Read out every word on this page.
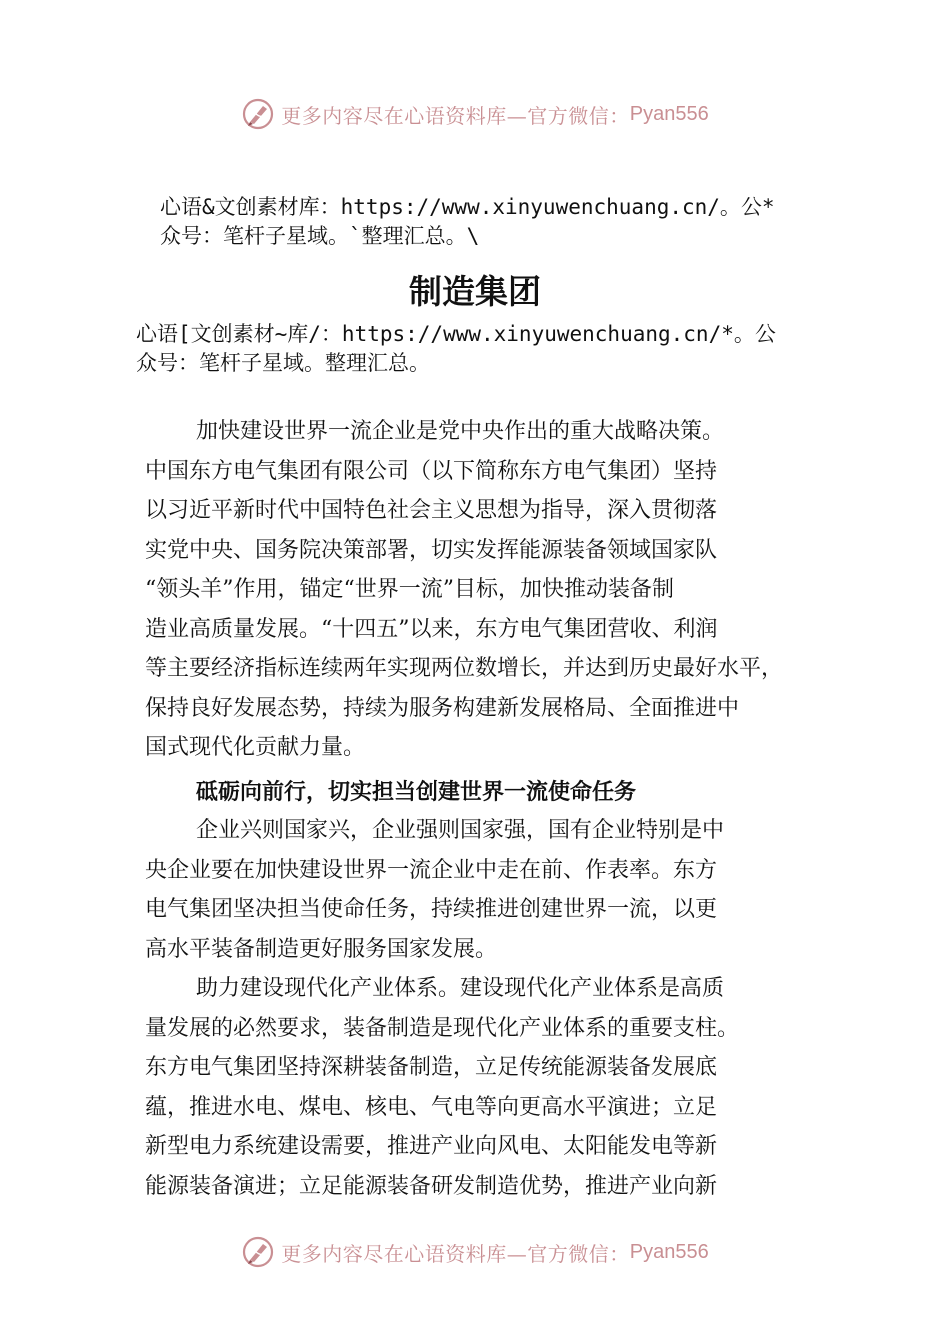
更多内容尽在心语资料库—官方微信： Pyan556
心语&文创素材库：https://www.xinyuwenchuang.cn/。公*
众号：笔杆子星域。`整理汇总。\
制造集团
心语[文创素材~库/：https://www.xinyuwenchuang.cn/*。公
众号：笔杆子星域。整理汇总。
加快建设世界一流企业是党中央作出的重大战略决策。
中国东方电气集团有限公司（以下简称东方电气集团）坚持
以习近平新时代中国特色社会主义思想为指导，深入贯彻落
实党中央、国务院决策部署，切实发挥能源装备领域国家队
“领头羊”作用，锚定“世界一流”目标，加快推动装备制
造业高质量发展。“十四五”以来，东方电气集团营收、利润
等主要经济指标连续两年实现两位数增长，并达到历史最好水平，
保持良好发展态势，持续为服务构建新发展格局、全面推进中
国式现代化贡献力量。
砥砺向前行，切实担当创建世界一流使命任务
企业兴则国家兴，企业强则国家强，国有企业特别是中
央企业要在加快建设世界一流企业中走在前、作表率。东方
电气集团坚决担当使命任务，持续推进创建世界一流，以更
高水平装备制造更好服务国家发展。
助力建设现代化产业体系。建设现代化产业体系是高质
量发展的必然要求，装备制造是现代化产业体系的重要支柱。
东方电气集团坚持深耕装备制造，立足传统能源装备发展底
蕴，推进水电、煤电、核电、气电等向更高水平演进；立足
新型电力系统建设需要，推进产业向风电、太阳能发电等新
能源装备演进；立足能源装备研发制造优势，推进产业向新
更多内容尽在心语资料库—官方微信： Pyan556
